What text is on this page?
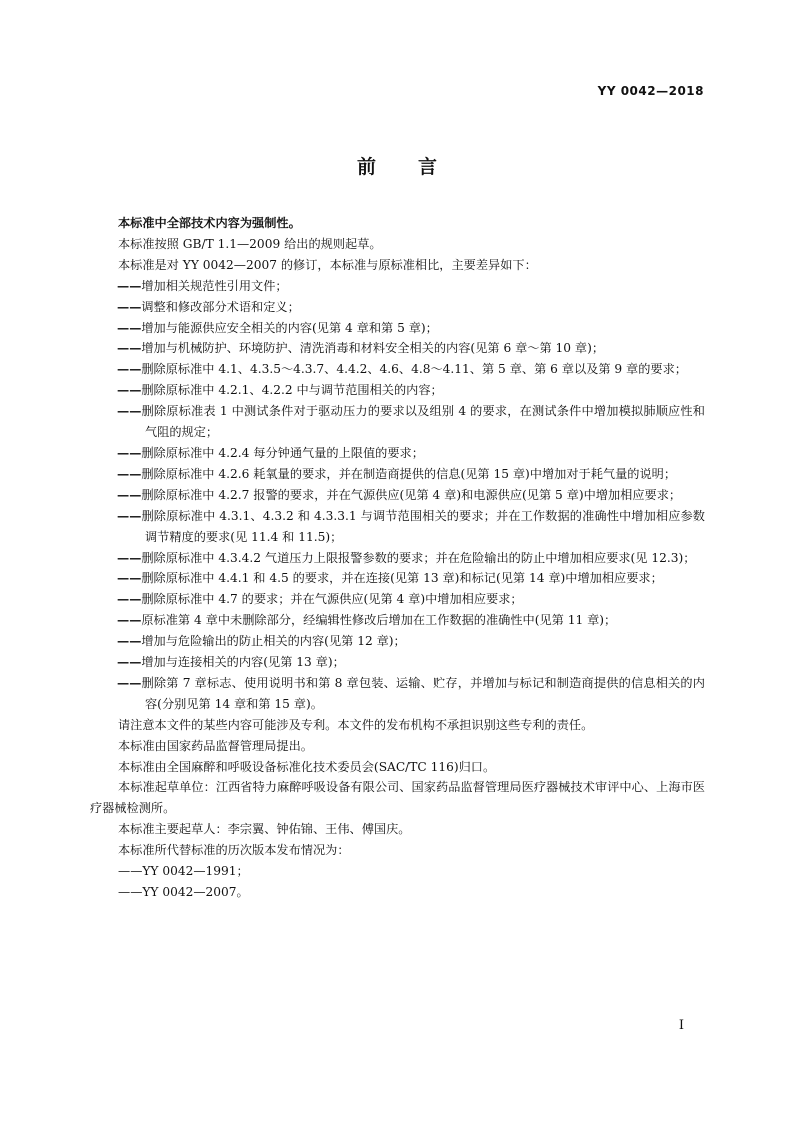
YY 0042—2018
前言
本标准中全部技术内容为强制性。
本标准按照 GB/T 1.1—2009 给出的规则起草。
本标准是对 YY 0042—2007 的修订，本标准与原标准相比，主要差异如下：
——增加相关规范性引用文件；
——调整和修改部分术语和定义；
——增加与能源供应安全相关的内容(见第 4 章和第 5 章)；
——增加与机械防护、环境防护、清洗消毒和材料安全相关的内容(见第 6 章～第 10 章)；
——删除原标准中 4.1、4.3.5～4.3.7、4.4.2、4.6、4.8～4.11、第 5 章、第 6 章以及第 9 章的要求；
——删除原标准中 4.2.1、4.2.2 中与调节范围相关的内容；
——删除原标准表 1 中测试条件对于驱动压力的要求以及组别 4 的要求，在测试条件中增加模拟肺顺应性和气阻的规定；
——删除原标准中 4.2.4 每分钟通气量的上限值的要求；
——删除原标准中 4.2.6 耗氧量的要求，并在制造商提供的信息(见第 15 章)中增加对于耗气量的说明；
——删除原标准中 4.2.7 报警的要求，并在气源供应(见第 4 章)和电源供应(见第 5 章)中增加相应要求；
——删除原标准中 4.3.1、4.3.2 和 4.3.3.1 与调节范围相关的要求；并在工作数据的准确性中增加相应参数调节精度的要求(见 11.4 和 11.5)；
——删除原标准中 4.3.4.2 气道压力上限报警参数的要求；并在危险输出的防止中增加相应要求(见 12.3)；
——删除原标准中 4.4.1 和 4.5 的要求，并在连接(见第 13 章)和标记(见第 14 章)中增加相应要求；
——删除原标准中 4.7 的要求；并在气源供应(见第 4 章)中增加相应要求；
——原标准第 4 章中未删除部分，经编辑性修改后增加在工作数据的准确性中(见第 11 章)；
——增加与危险输出的防止相关的内容(见第 12 章)；
——增加与连接相关的内容(见第 13 章)；
——删除第 7 章标志、使用说明书和第 8 章包装、运输、贮存，并增加与标记和制造商提供的信息相关的内容(分别见第 14 章和第 15 章)。
请注意本文件的某些内容可能涉及专利。本文件的发布机构不承担识别这些专利的责任。
本标准由国家药品监督管理局提出。
本标准由全国麻醉和呼吸设备标准化技术委员会(SAC/TC 116)归口。
本标准起草单位：江西省特力麻醉呼吸设备有限公司、国家药品监督管理局医疗器械技术审评中心、上海市医疗器械检测所。
本标准主要起草人：李宗翼、钟佑锦、王伟、傅国庆。
本标准所代替标准的历次版本发布情况为：
——YY 0042—1991；
——YY 0042—2007。
I
